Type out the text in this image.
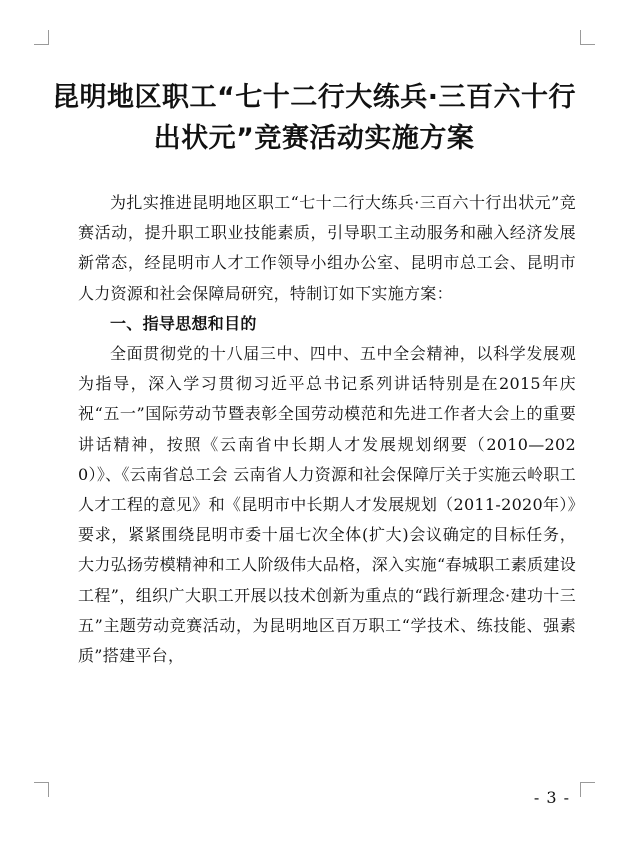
昆明地区职工“七十二行大练兵·三百六十行
出状元”竞赛活动实施方案

为扎实推进昆明地区职工“七十二行大练兵·三百六十行出状元”竞赛活动，提升职工职业技能素质，引导职工主动服务和融入经济发展新常态，经昆明市人才工作领导小组办公室、昆明市总工会、昆明市人力资源和社会保障局研究，特制订如下实施方案：

一、指导思想和目的

全面贯彻党的十八届三中、四中、五中全会精神，以科学发展观为指导，深入学习贯彻习近平总书记系列讲话特别是在2015年庆祝“五一”国际劳动节暨表彰全国劳动模范和先进工作者大会上的重要讲话精神，按照《云南省中长期人才发展规划纲要（2010—2020）》、《云南省总工会 云南省人力资源和社会保障厅关于实施云岭职工人才工程的意见》和《昆明市中长期人才发展规划（2011-2020年）》要求，紧紧围绕昆明市委十届七次全体(扩大)会议确定的目标任务，大力弘扬劳模精神和工人阶级伟大品格，深入实施“春城职工素质建设工程”，组织广大职工开展以技术创新为重点的“践行新理念·建功十三五”主题劳动竞赛活动，为昆明地区百万职工“学技术、练技能、强素质”搭建平台，

- 3 -
